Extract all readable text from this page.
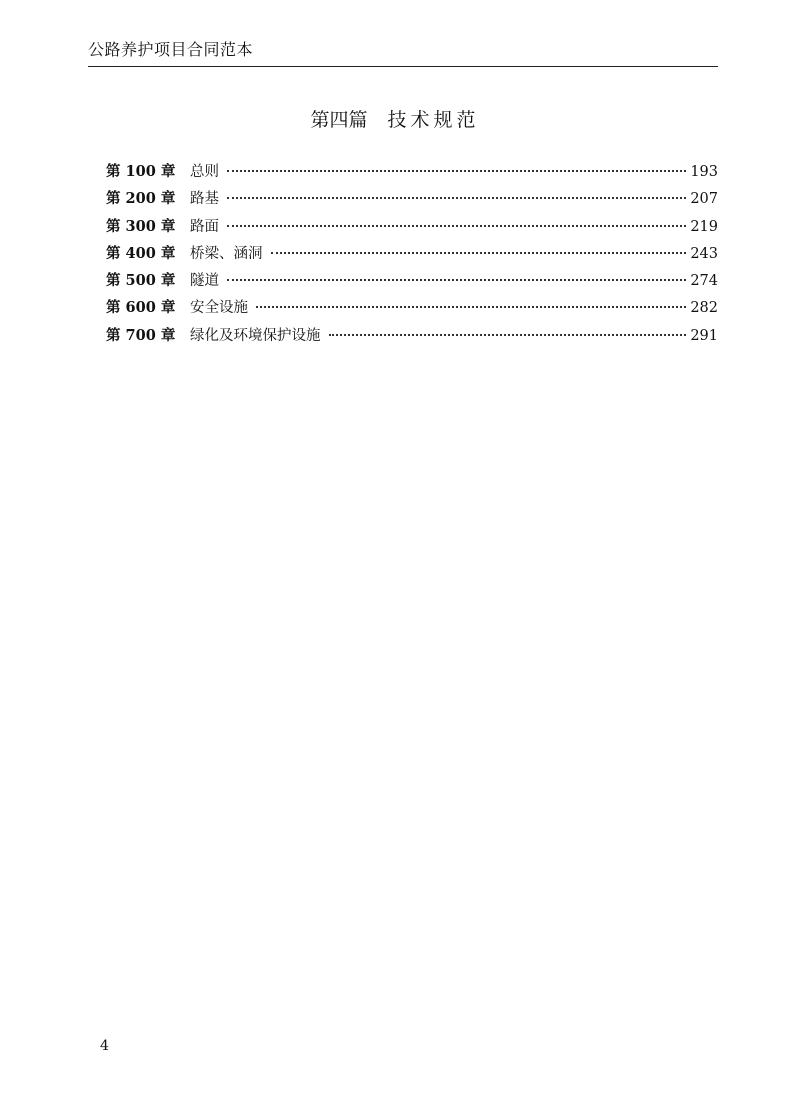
公路养护项目合同范本
第四篇 技术规范
第 100 章	总则	193
第 200 章	路基	207
第 300 章	路面	219
第 400 章	桥梁、涵洞	243
第 500 章	隧道	274
第 600 章	安全设施	282
第 700 章	绿化及环境保护设施	291
4
